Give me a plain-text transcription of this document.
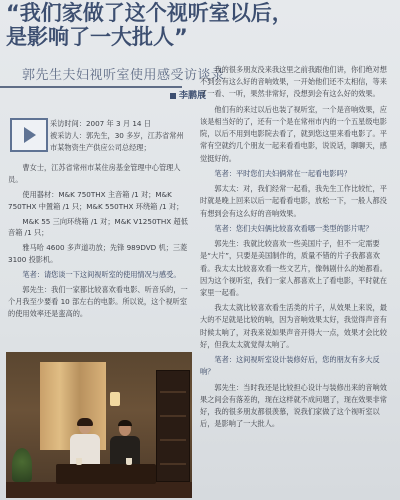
“我们家做了这个视听室以后，
是影响了一大批人”
郭先生夫妇视听室使用感受访谈录
李鹏展

采访时间：2007 年 3 月 14 日

被采访人：郭先生，30 多岁，江苏省常州市某物资生产供应公司总经理；

曹女士，江苏省常州市某住房基金管理中心管理人员。

使用器材：M&K 750THX 主音箱 /1 对；M&K 750THX 中置箱 /1 只；M&K 550THX 环绕箱 /1 对；

M&K 55 三向环绕箱 /1 对；M&K V1250THX 超低音箱 /1 只；

雅马哈 4600 多声道功放；先锋 989DVD 机；三菱 3100 投影机。

笔者：请您谈一下这间视听室的使用情况与感受。

郭先生：我们一家都比较喜欢看电影、听音乐的，一个月我至少要看 10 部左右的电影。所以说，这个视听室的使用效率还是蛮高的。

我的很多朋友没来我这里之前我跟他们讲，你们绝对想不到会有这么好的音响效果，一开始他们还不太相信，等来了一看、一听，果然非常好，没想到会有这么好的效果。

他们有的来过以后也装了视听室，一个是音响效果，应该是相当好的了，还有一个是在常州市内的一个五星级电影院，以后不用到电影院去看了，就到您这里来看电影了。平常有空就约几个朋友一起来看看电影，说说话，聊聊天，感觉挺好的。

笔者：平时您们夫妇俩常在一起看电影吗？

郭太太：对，我们经常一起看，我先生工作比较忙，平时就是晚上回来以后一起看看电影，放松一下，一般人都没有想到会有这么好的音响效果。

笔者：您们夫妇俩比较喜欢看哪一类型的影片呢？

郭先生：我就比较喜欢一些美国片子，但不一定需要是“大片”，只要是美国制作的，质量不错的片子我都喜欢看。我太太比较喜欢看一些文艺片，像韩剧什么的她都看。因为这个视听室，我们一家人都喜欢上了看电影，平时就在家里一起看。

我太太就比较喜欢看生活类的片子，从效果上来说，最大的不足就是比较的响，因为音响效果太好，我觉得声音有时候太响了，对我来说如果声音开得大一点，效果才会比较好，但我太太就觉得太响了。

笔者：这间视听室设计装修好后，您的朋友有多大反响？

郭先生：当时我还是比较担心设计与装修出来的音响效果之间会有落差的，现在这样就不成问题了，现在效果非常好，我的很多朋友都很羡慕，说我们家做了这个视听室以后，是影响了一大批人。
